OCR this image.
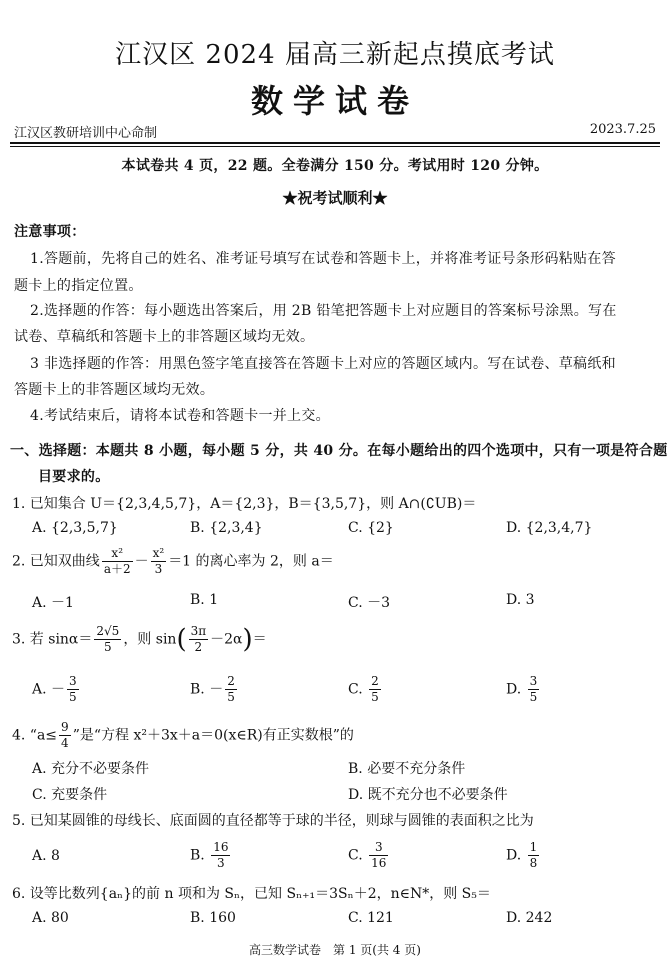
江汉区 2024 届高三新起点摸底考试
数学试卷
江汉区教研培训中心命制	2023.7.25
本试卷共 4 页，22 题。全卷满分 150 分。考试用时 120 分钟。
★祝考试顺利★
注意事项：
1.答题前，先将自己的姓名、准考证号填写在试卷和答题卡上，并将准考证号条形码粘贴在答
题卡上的指定位置。
2.选择题的作答：每小题选出答案后，用 2B 铅笔把答题卡上对应题目的答案标号涂黑。写在
试卷、草稿纸和答题卡上的非答题区域均无效。
3 非选择题的作答：用黑色签字笔直接答在答题卡上对应的答题区域内。写在试卷、草稿纸和
答题卡上的非答题区域均无效。
4.考试结束后，请将本试卷和答题卡一并上交。
一、选择题：本题共 8 小题，每小题 5 分，共 40 分。在每小题给出的四个选项中，只有一项是符合题
目要求的。
1. 已知集合 U＝{2,3,4,5,7}，A＝{2,3}，B＝{3,5,7}，则 A∩(∁UB)＝
A. {2,3,5,7}	B. {2,3,4}	C. {2}	D. {2,3,4,7}
2. 已知双曲线 $\frac{\text{x²}}{a+2} - \frac{\text{x²}}{3} =1$ 的离心率为 2，则 a＝
A. －1	B. 1	C. －3	D. 3
3. 若 $\sin\alpha= \frac{2√5}{5}$ ，则 $\sin( \frac{3\pi}{2} -2\alpha)=$
A. － $\frac{3}{5}$	B. － $\frac{2}{5}$	C. $\frac{2}{5}$	D. $\frac{3}{5}$
4. “$a\le \frac{9}{4}$ ”是“方程 x²＋3x＋a＝0(x∈R)有正实数根”的
A. 充分不必要条件	B. 必要不充分条件
C. 充要条件	D. 既不充分也不必要条件
5. 已知某圆锥的母线长、底面圆的直径都等于球的半径，则球与圆锥的表面积之比为
A. 8	B. $\frac{16}{3}$	C. $\frac{3}{16}$	D. $\frac{1}{8}$
6. 设等比数列{aₙ}的前 n 项和为 Sₙ，已知 Sₙ₊₁＝3Sₙ＋2，n∈N*，则 S₅＝
A. 80	B. 160	C. 121	D. 242
高三数学试卷　第 1 页(共 4 页)
